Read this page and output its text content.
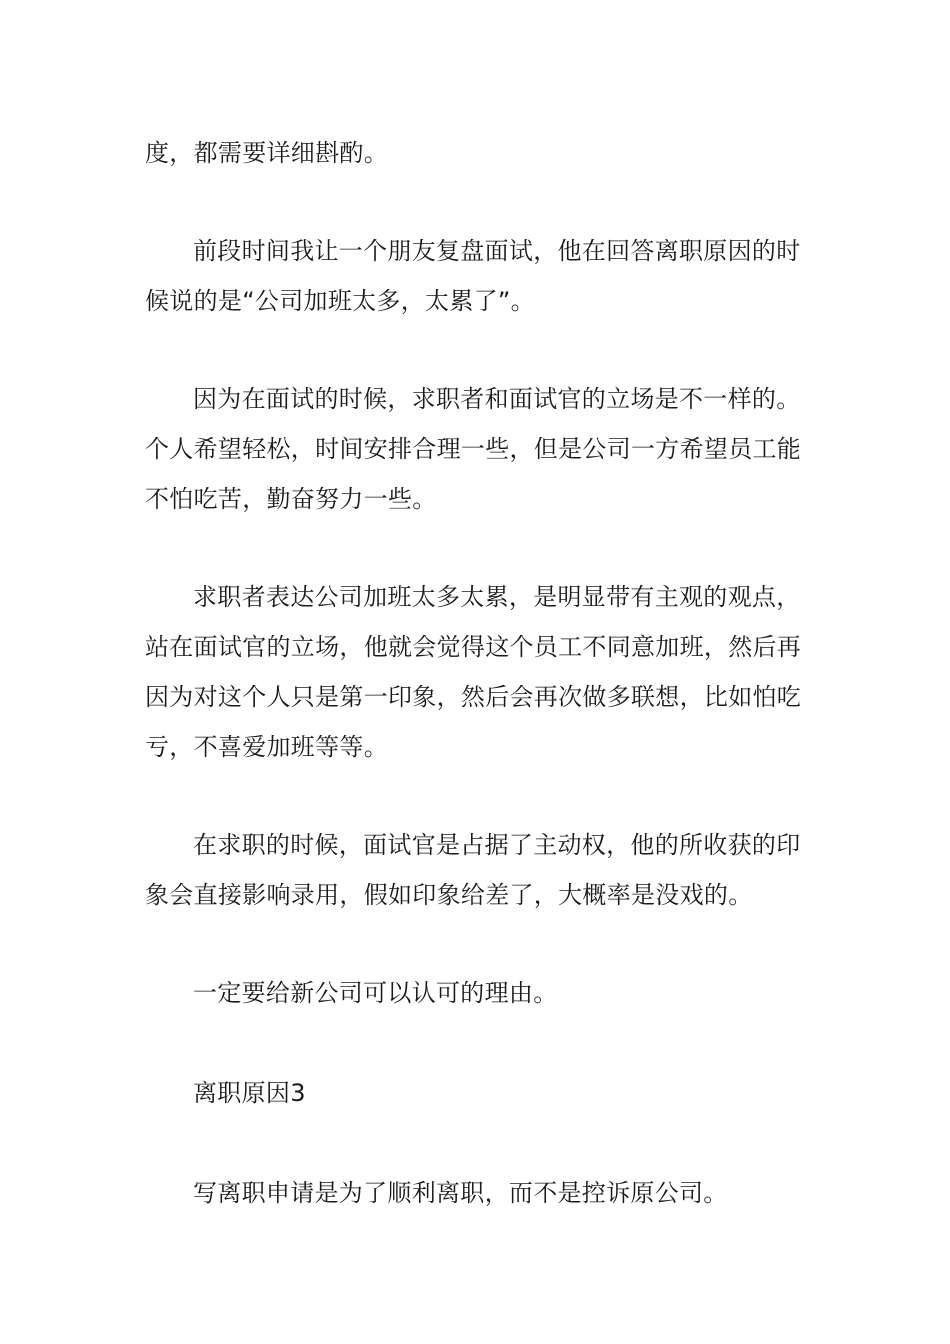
度，都需要详细斟酌。
前段时间我让一个朋友复盘面试，他在回答离职原因的时
候说的是“公司加班太多，太累了”。
因为在面试的时候，求职者和面试官的立场是不一样的。
个人希望轻松，时间安排合理一些，但是公司一方希望员工能
不怕吃苦，勤奋努力一些。
求职者表达公司加班太多太累，是明显带有主观的观点，
站在面试官的立场，他就会觉得这个员工不同意加班，然后再
因为对这个人只是第一印象，然后会再次做多联想，比如怕吃
亏，不喜爱加班等等。
在求职的时候，面试官是占据了主动权，他的所收获的印
象会直接影响录用，假如印象给差了，大概率是没戏的。
一定要给新公司可以认可的理由。
离职原因3
写离职申请是为了顺利离职，而不是控诉原公司。
